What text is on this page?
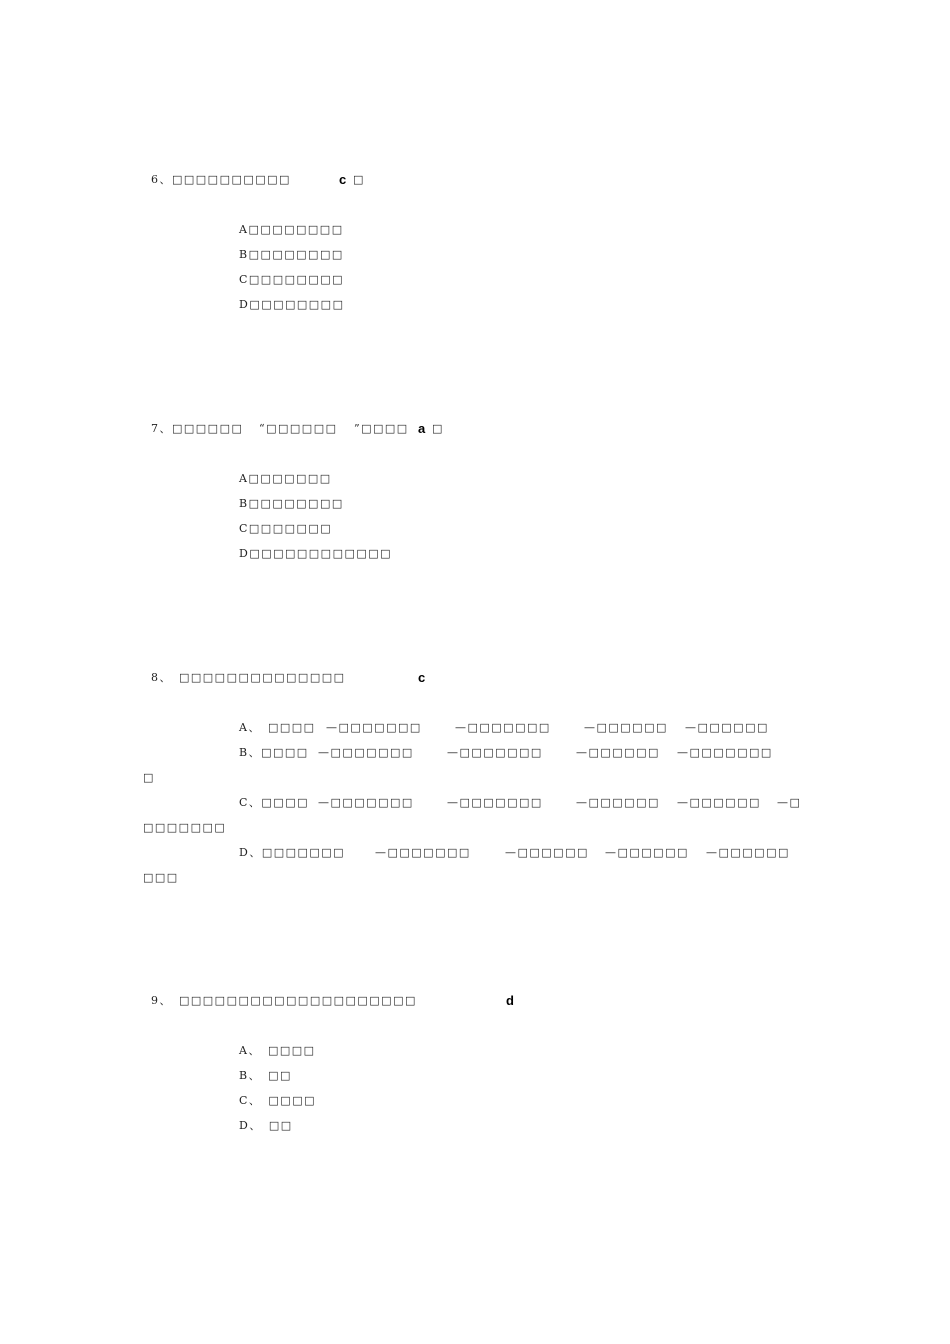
6、□□□□□□□□□□	c □
A□□□□□□□□
B□□□□□□□□
C□□□□□□□□
D□□□□□□□□
7、□□□□□□ “□□□□□□ ”□□□□ a □
A□□□□□□□
B□□□□□□□□
C□□□□□□□
D□□□□□□□□□□□□
8、　□□□□□□□□□□□□□□	c
A、　□□□□ —□□□□□□□	—□□□□□□□	—□□□□□□ —□□□□□□
B、□□□□ —□□□□□□□	—□□□□□□□	—□□□□□□ —□□□□□□□
□
C、□□□□ —□□□□□□□	—□□□□□□□	—□□□□□□ —□□□□□□ —□
□□□□□□□
D、□□□□□□□	—□□□□□□□	—□□□□□□ —□□□□□□ —□□□□□□
□□□
9、　□□□□□□□□□□□□□□□□□□□□	d
A、　□□□□
B、　□□
C、　□□□□
D、　□□
